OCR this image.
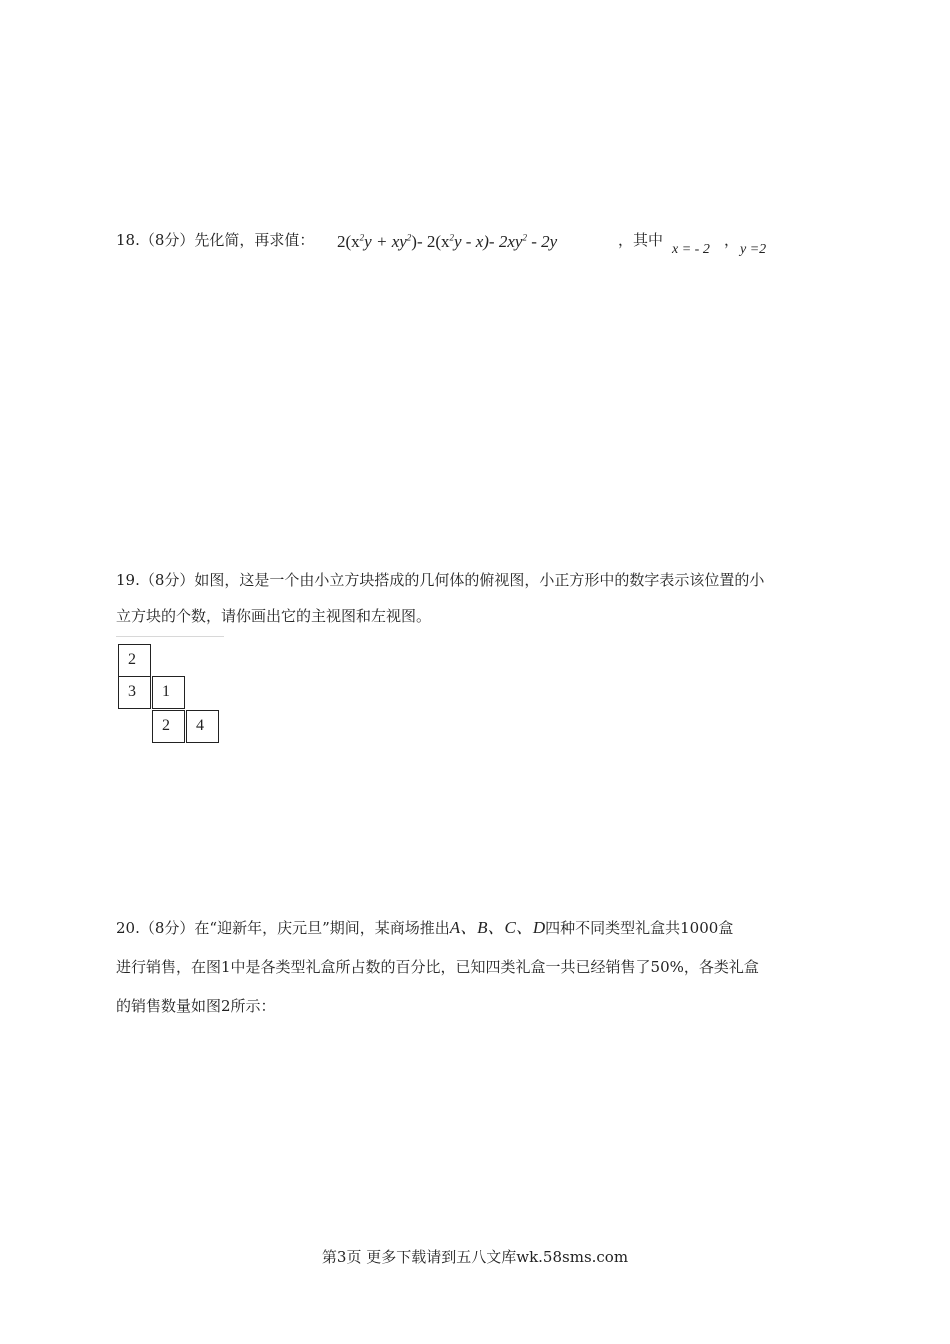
18.（8分）先化简，再求值： $2(x^2y + xy^2)-$ $2(x^2y - x)-$ $2xy^2 - 2y$	，其中
x = - 2
，
y =2
19.（8分）如图，这是一个由小立方块搭成的几何体的俯视图，小正方形中的数字表示该位置的小
立方块的个数，请你画出它的主视图和左视图。
2
3 1
2 4
20.（8分）在“迎新年，庆元旦”期间，某商场推出A、B、C、D四种不同类型礼盒共1000盒
进行销售，在图1中是各类型礼盒所占数的百分比，已知四类礼盒一共已经销售了50%，各类礼盒
的销售数量如图2所示：
第3页 更多下载请到五八文库wk.58sms.com
